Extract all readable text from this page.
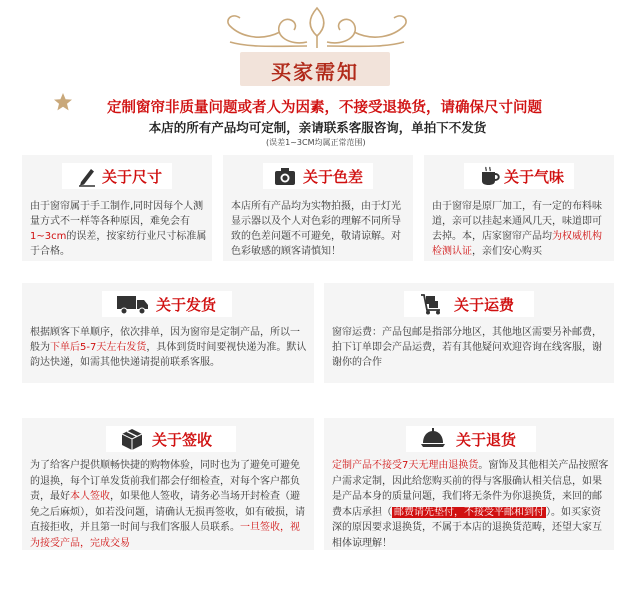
买家需知
定制窗帘非质量问题或者人为因素，不接受退换货，请确保尺寸问题
本店的所有产品均可定制，亲请联系客服咨询，单拍下不发货
(误差1~3CM均属正常范围)
关于尺寸
由于窗帘属于手工制作,同时因每个人测量方式不一样等各种原因，难免会有1~3cm的误差，按家纺行业尺寸标准属于合格。
关于色差
本店所有产品均为实物拍摄，由于灯光显示器以及个人对色彩的理解不同所导致的色差问题不可避免，敬请谅解。对色彩敏感的顾客请慎知！
关于气味
由于窗帘是原厂加工，有一定的布料味道，亲可以挂起来通风几天，味道即可去掉。本，店家窗帘产品均为权威机构检测认证，亲们安心购买
关于发货
根据顾客下单顺序，依次排单，因为窗帘是定制产品，所以一般为下单后5-7天左右发货，具体到货时间要视快递为准。默认韵达快递，如需其他快递请提前联系客服。
关于运费
窗帘运费：产品包邮是指部分地区，其他地区需要另补邮费，拍下订单即会产品运费，若有其他疑问欢迎咨询在线客服，谢谢你的合作
关于签收
为了给客户提供顺畅快捷的购物体验，同时也为了避免可避免的退换，每个订单发货前我们都会仔细检查，对每个客户都负责，最好本人签收，如果他人签收，请务必当场开封检查（避免之后麻烦），如若没问题，请确认无损再签收，如有破损，请直接拒收，并且第一时间与我们客服人员联系。一旦签收，视为接受产品，完成交易
关于退货
定制产品不接受7天无理由退换货。窗饰及其他相关产品按照客户需求定制，因此给您购买前的得与客服确认相关信息，如果是产品本身的质量问题，我们将无条件为你退换货，来回的邮费本店承担（ 邮费请先垫付，不接受平邮和到付 ）。如买家资深的原因要求退换货，不属于本店的退换货范畴，还望大家互相体谅理解！
